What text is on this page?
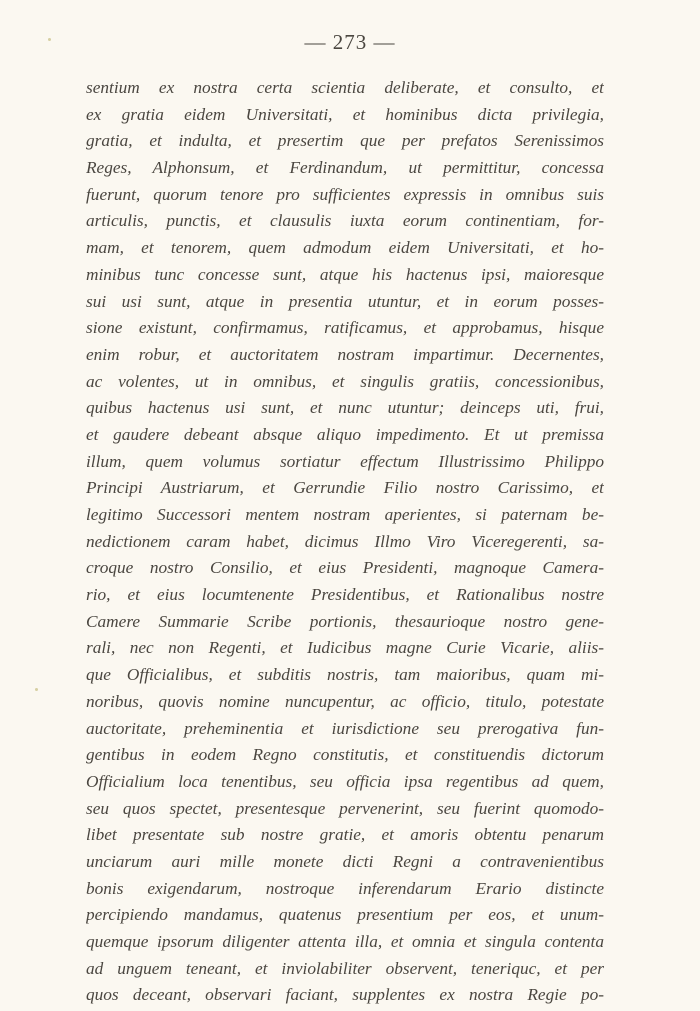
— 273 —
sentium ex nostra certa scientia deliberate, et consulto, et
ex gratia eidem Universitati, et hominibus dicta privilegia,
gratia, et indulta, et presertim que per prefatos Serenissimos
Reges, Alphonsum, et Ferdinandum, ut permittitur, concessa
fuerunt, quorum tenore pro sufficientes expressis in omnibus suis
articulis, punctis, et clausulis iuxta eorum continentiam, for-
mam, et tenorem, quem admodum eidem Universitati, et ho-
minibus tunc concesse sunt, atque his hactenus ipsi, maioresque
sui usi sunt, atque in presentia utuntur, et in eorum posses-
sione existunt, confirmamus, ratificamus, et approbamus, hisque
enim robur, et auctoritatem nostram impartimur. Decernentes,
ac volentes, ut in omnibus, et singulis gratiis, concessionibus,
quibus hactenus usi sunt, et nunc utuntur; deinceps uti, frui,
et gaudere debeant absque aliquo impedimento. Et ut premissa
illum, quem volumus sortiatur effectum Illustrissimo Philippo
Principi Austriarum, et Gerrundie Filio nostro Carissimo, et
legitimo Successori mentem nostram aperientes, si paternam be-
nedictionem caram habet, dicimus Illmo Viro Viceregerenti, sa-
croque nostro Consilio, et eius Presidenti, magnoque Camera-
rio, et eius locumtenente Presidentibus, et Rationalibus nostre
Camere Summarie Scribe portionis, thesaurioque nostro gene-
rali, nec non Regenti, et Iudicibus magne Curie Vicarie, aliis-
que Officialibus, et subditis nostris, tam maioribus, quam mi-
noribus, quovis nomine nuncupentur, ac officio, titulo, potestate
auctoritate, preheminentia et iurisdictione seu prerogativa fun-
gentibus in eodem Regno constitutis, et constituendis dictorum
Officialium loca tenentibus, seu officia ipsa regentibus ad quem,
seu quos spectet, presentesque pervenerint, seu fuerint quomodo-
libet presentate sub nostre gratie, et amoris obtentu penarum
unciarum auri mille monete dicti Regni a contravenientibus
bonis exigendarum, nostroque inferendarum Erario distincte
percipiendo mandamus, quatenus presentium per eos, et unum-
quemque ipsorum diligenter attenta illa, et omnia et singula contenta
ad unguem teneant, et inviolabiliter observent, teneriquc, et per
quos deceant, observari faciant, supplentes ex nostra Regie po-
